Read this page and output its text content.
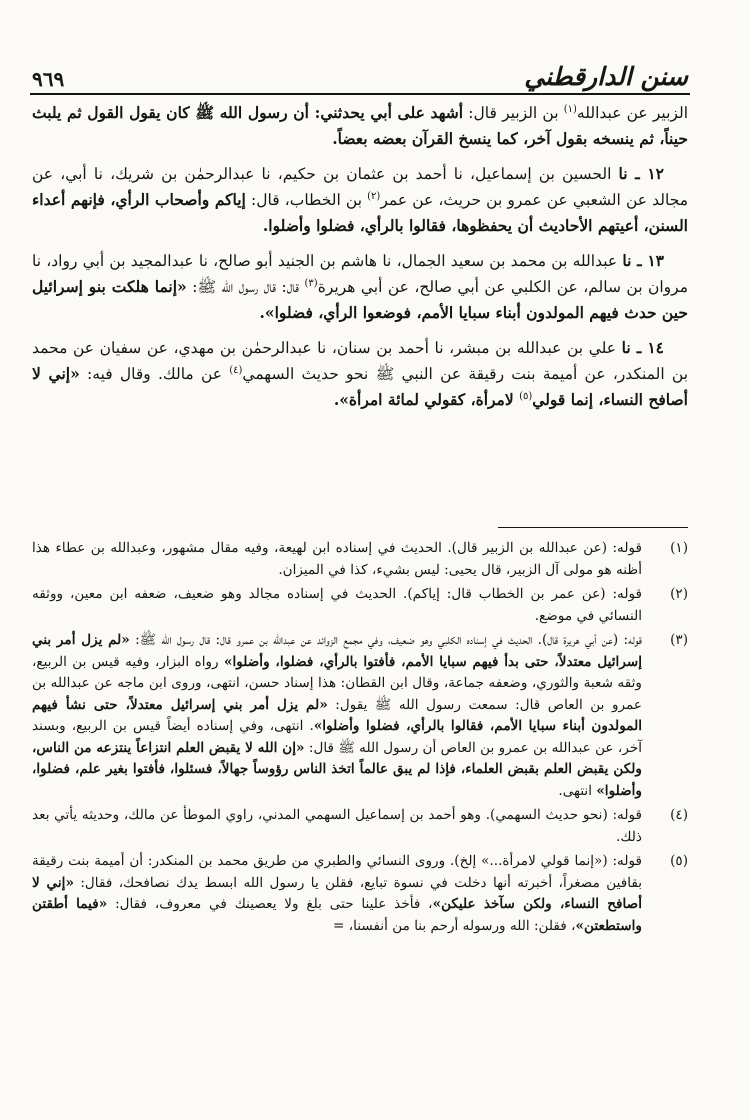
سنن الدارقطني
٩٦٩

الزبير عن عبدالله$^{(١)}$ بن الزبير قال: أشهد على أبي يحدثني: أن رسول الله ﷺ كان يقول القول ثم يلبث حيناً، ثم ينسخه بقول آخر، كما ينسخ القرآن بعضه بعضاً.

١٢ ـ نا الحسين بن إسماعيل، نا أحمد بن عثمان بن حكيم، نا عبدالرحمٰن بن شريك، نا أبي، عن مجالد عن الشعبي عن عمرو بن حريث، عن عمر$^{(٢)}$ بن الخطاب، قال: إياكم وأصحاب الرأي، فإنهم أعداء السنن، أعيتهم الأحاديث أن يحفظوها، فقالوا بالرأي، فضلوا وأضلوا.

١٣ ـ نا عبدالله بن محمد بن سعيد الجمال، نا هاشم بن الجنيد أبو صالح، نا عبدالمجيد بن أبي رواد، نا مروان بن سالم، عن الكلبي عن أبي صالح، عن أبي هريرة$^{(٣)}$ قال: قال رسول الله ﷺ: «إنما هلكت بنو إسرائيل حين حدث فيهم المولدون أبناء سبايا الأمم، فوضعوا الرأي، فضلوا».

١٤ ـ نا علي بن عبدالله بن مبشر، نا أحمد بن سنان، نا عبدالرحمٰن بن مهدي، عن سفيان عن محمد بن المنكدر، عن أميمة بنت رقيقة عن النبي ﷺ نحو حديث السهمي$^{(٤)}$ عن مالك. وقال فيه: «إني لا أصافح النساء، إنما قولي$^{(٥)}$ لامرأة، كقولي لمائة امرأة».

(١)
قوله: (عن عبدالله بن الزبير قال). الحديث في إسناده ابن لهيعة، وفيه مقال مشهور، وعبدالله بن عطاء هذا أظنه هو مولى آل الزبير، قال يحيى: ليس بشيء، كذا في الميزان.
(٢)
قوله: (عن عمر بن الخطاب قال: إياكم). الحديث في إسناده مجالد وهو ضعيف، ضعفه ابن معين، ووثقه النسائي في موضع.
(٣)
قوله: (عن أبي هريرة قال). الحديث في إسناده الكلبي وهو ضعيف، وفي مجمع الزوائد عن عبدالله بن عمرو قال: قال رسول الله ﷺ: «لم يزل أمر بني إسرائيل معتدلاً، حتى بدأ فيهم سبايا الأمم، فأفتوا بالرأي، فضلوا، وأضلوا» رواه البزار، وفيه قيس بن الربيع، وثقه شعبة والثوري، وضعفه جماعة، وقال ابن القطان: هذا إسناد حسن، انتهى، وروى ابن ماجه عن عبدالله بن عمرو بن العاص قال: سمعت رسول الله ﷺ يقول: «لم يزل أمر بني إسرائيل معتدلاً، حتى نشأ فيهم المولدون أبناء سبايا الأمم، فقالوا بالرأي، فضلوا وأضلوا». انتهى، وفي إسناده أيضاً قيس بن الربيع، وبسند آخر، عن عبدالله بن عمرو بن العاص أن رسول الله ﷺ قال: «إن الله لا يقبض العلم انتزاعاً ينتزعه من الناس، ولكن يقبض العلم بقبض العلماء، فإذا لم يبق عالماً اتخذ الناس رؤوساً جهالاً، فسئلوا، فأفتوا بغير علم، فضلوا، وأضلوا» انتهى.
(٤)
قوله: (نحو حديث السهمي). وهو أحمد بن إسماعيل السهمي المدني، راوي الموطأ عن مالك، وحديثه يأتي بعد ذلك.
(٥)
قوله: («إنما قولي لامرأة...» إلخ). وروى النسائي والطبري من طريق محمد بن المنكدر: أن أميمة بنت رقيقة بقافين مصغراً، أخبرته أنها دخلت في نسوة تبايع، فقلن يا رسول الله ابسط يدك نصافحك، فقال: «إني لا أصافح النساء، ولكن سآخذ عليكن»، فأخذ علينا حتى بلغ ولا يعصينك في معروف، فقال: «فيما أطقتن واستطعتن»، فقلن: الله ورسوله أرحم بنا من أنفسنا، =
